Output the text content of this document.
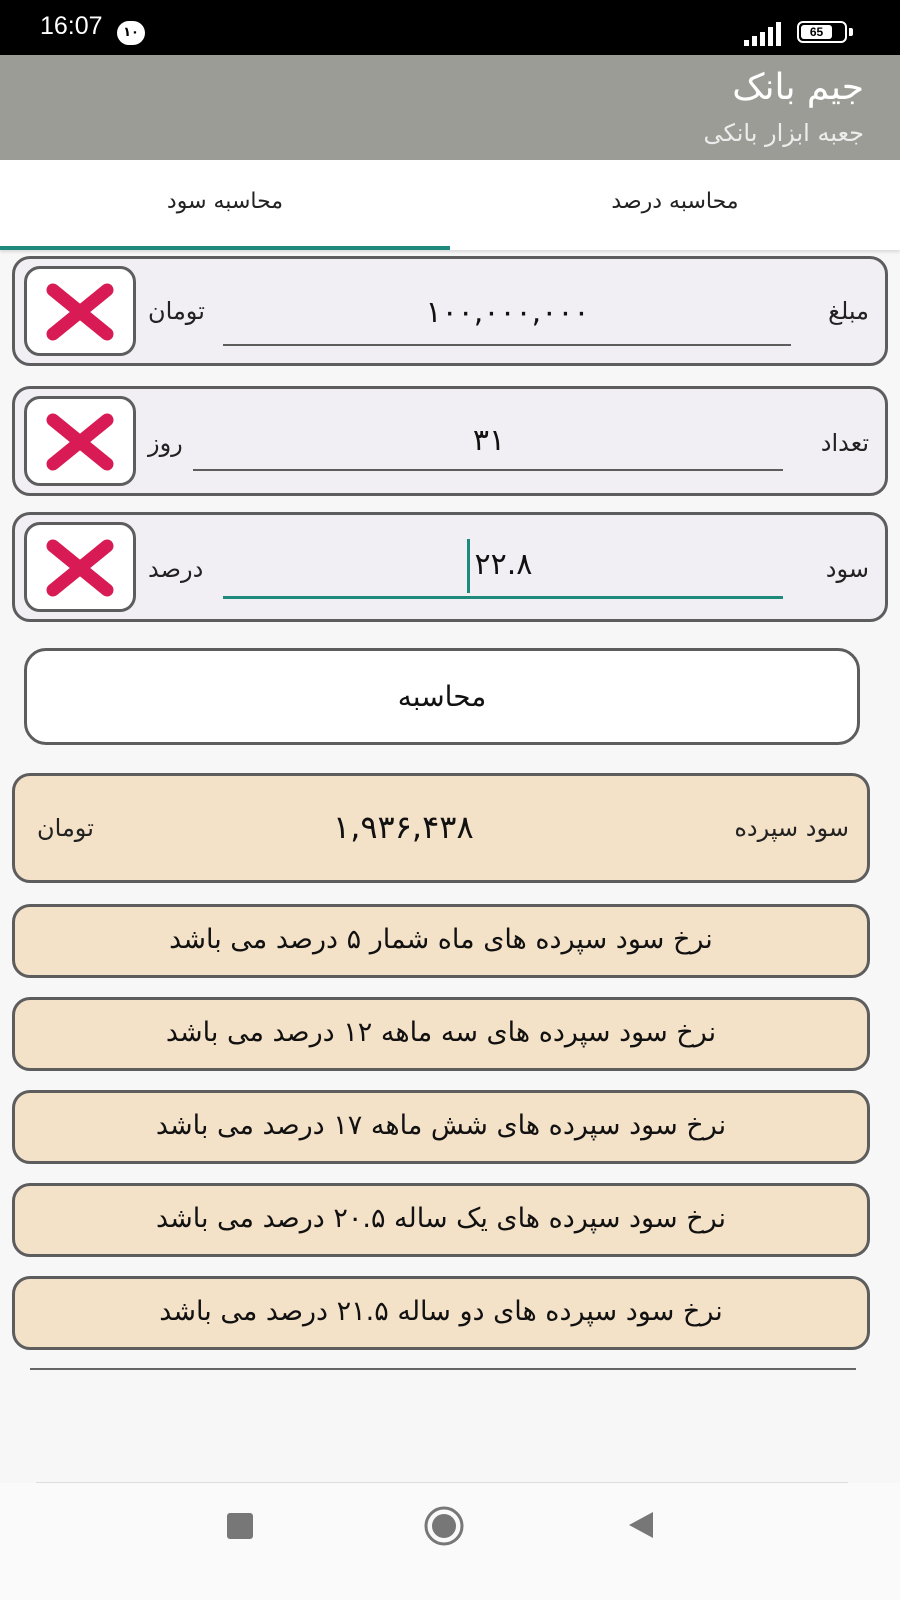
16:07	۱۰	65
جیم بانک
جعبه ابزار بانکی
محاسبه سود	محاسبه درصد
تومان
۱۰۰,۰۰۰,۰۰۰	مبلغ
روز
۳۱	تعداد
درصد
۲۲.۸	سود
محاسبه
تومان	۱,۹۳۶,۴۳۸	سود سپرده
نرخ سود سپرده های ماه شمار ۵ درصد می باشد
نرخ سود سپرده های سه ماهه ۱۲ درصد می باشد
نرخ سود سپرده های شش ماهه ۱۷ درصد می باشد
نرخ سود سپرده های یک ساله ۲۰.۵ درصد می باشد
نرخ سود سپرده های دو ساله ۲۱.۵ درصد می باشد
